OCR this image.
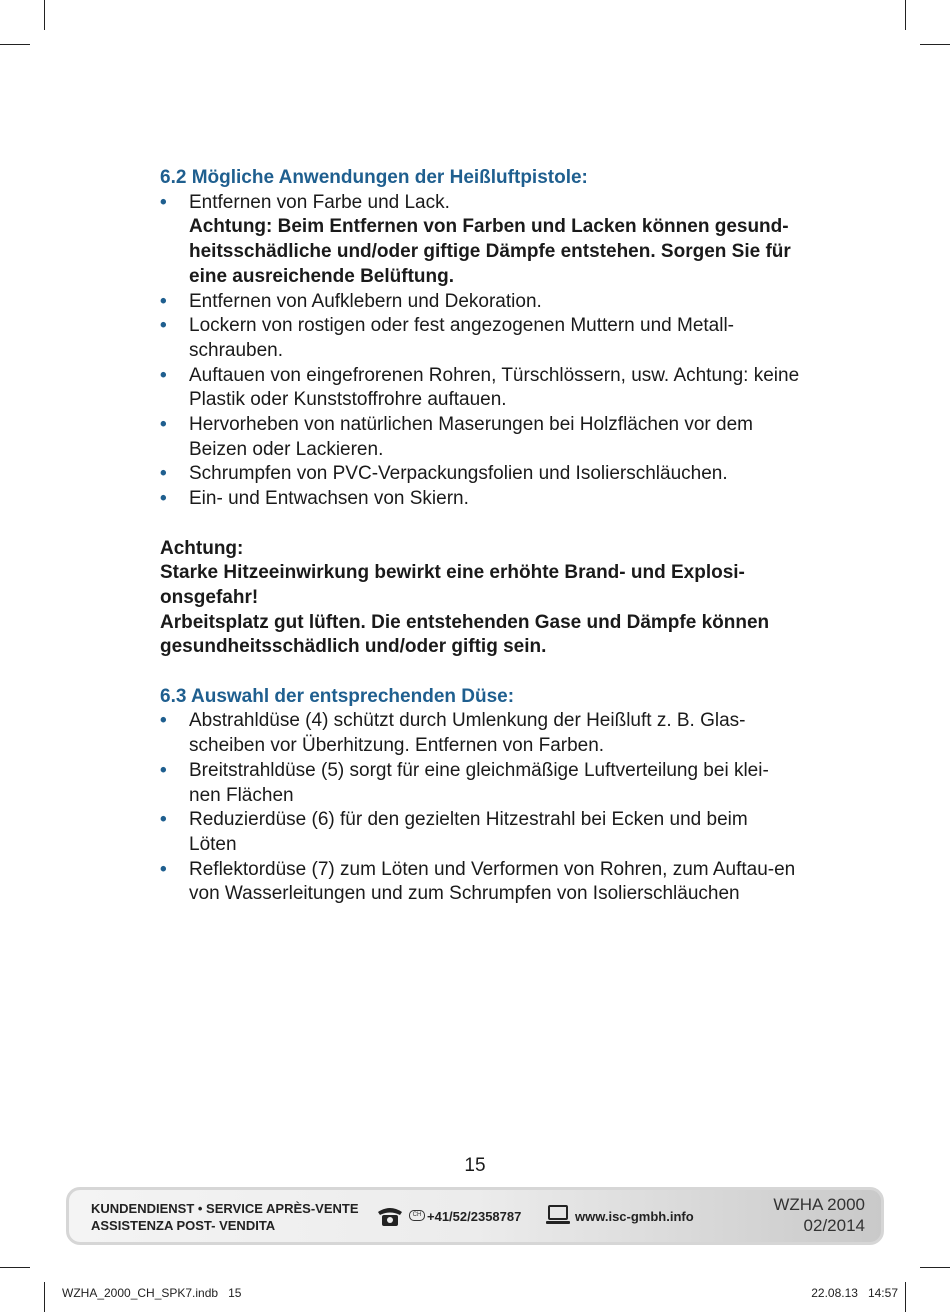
6.2 Mögliche Anwendungen der Heißluftpistole:
• Entfernen von Farbe und Lack.
Achtung: Beim Entfernen von Farben und Lacken können gesund-heitsschädliche und/oder giftige Dämpfe entstehen. Sorgen Sie für eine ausreichende Belüftung.
• Entfernen von Aufklebern und Dekoration.
• Lockern von rostigen oder fest angezogenen Muttern und Metall-schrauben.
• Auftauen von eingefrorenen Rohren, Türschlössern, usw. Achtung: keine Plastik oder Kunststoffrohre auftauen.
• Hervorheben von natürlichen Maserungen bei Holzflächen vor dem Beizen oder Lackieren.
• Schrumpfen von PVC-Verpackungsfolien und Isolierschläuchen.
• Ein- und Entwachsen von Skiern.

Achtung:

Starke Hitzeeinwirkung bewirkt eine erhöhte Brand- und Explosi-onsgefahr!

Arbeitsplatz gut lüften. Die entstehenden Gase und Dämpfe können gesundheitsschädlich und/oder giftig sein.

6.3 Auswahl der entsprechenden Düse:
• Abstrahldüse (4) schützt durch Umlenkung der Heißluft z. B. Glas-scheiben vor Überhitzung. Entfernen von Farben.
• Breitstrahldüse (5) sorgt für eine gleichmäßige Luftverteilung bei klei-nen Flächen
• Reduzierdüse (6) für den gezielten Hitzestrahl bei Ecken und beim Löten
• Reflektordüse (7) zum Löten und Verformen von Rohren, zum Auftau-en von Wasserleitungen und zum Schrumpfen von Isolierschläuchen
15
KUNDENDIENST • SERVICE APRÈS-VENTE
ASSISTENZA POST- VENDITA
CH +41/52/2358787	www.isc-gmbh.info
WZHA 2000
02/2014
WZHA_2000_CH_SPK7.indb   15	22.08.13   14:57
